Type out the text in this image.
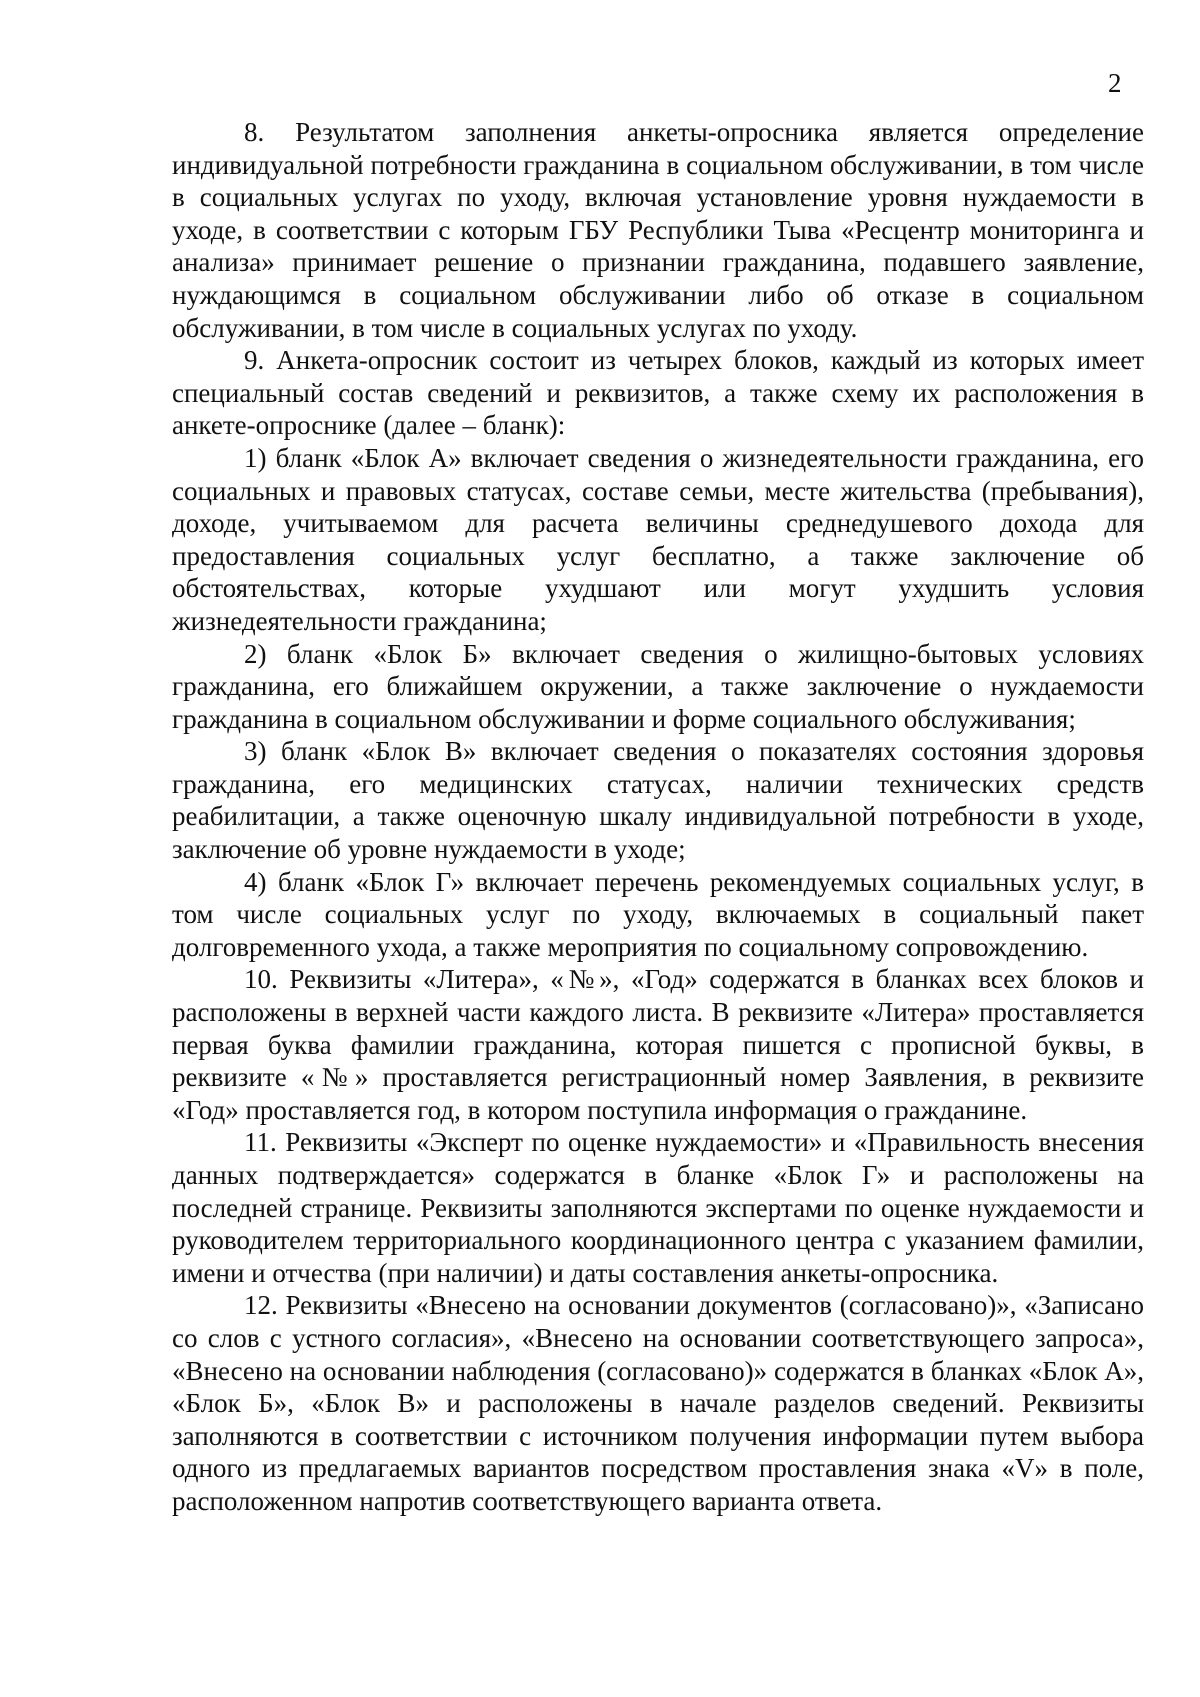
2

8. Результатом заполнения анкеты-опросника является определение индивидуальной потребности гражданина в социальном обслуживании, в том числе в социальных услугах по уходу, включая установление уровня нуждаемости в уходе, в соответствии с которым ГБУ Республики Тыва «Реcцентр мониторинга и анализа» принимает решение о признании гражданина, подавшего заявление, нуждающимся в социальном обслуживании либо об отказе в социальном обслуживании, в том числе в социальных услугах по уходу.

9. Анкета-опросник состоит из четырех блоков, каждый из которых имеет специальный состав сведений и реквизитов, а также схему их расположения в анкете-опроснике (далее – бланк):

1) бланк «Блок А» включает сведения о жизнедеятельности гражданина, его социальных и правовых статусах, составе семьи, месте жительства (пребывания), доходе, учитываемом для расчета величины среднедушевого дохода для предоставления социальных услуг бесплатно, а также заключение об обстоятельствах, которые ухудшают или могут ухудшить условия жизнедеятельности гражданина;

2) бланк «Блок Б» включает сведения о жилищно-бытовых условиях гражданина, его ближайшем окружении, а также заключение о нуждаемости гражданина в социальном обслуживании и форме социального обслуживания;

3) бланк «Блок В» включает сведения о показателях состояния здоровья гражданина, его медицинских статусах, наличии технических средств реабилитации, а также оценочную шкалу индивидуальной потребности в уходе, заключение об уровне нуждаемости в уходе;

4) бланк «Блок Г» включает перечень рекомендуемых социальных услуг, в том числе социальных услуг по уходу, включаемых в социальный пакет долговременного ухода, а также мероприятия по социальному сопровождению.

10. Реквизиты «Литера», «№», «Год» содержатся в бланках всех блоков и расположены в верхней части каждого листа. В реквизите «Литера» проставляется первая буква фамилии гражданина, которая пишется с прописной буквы, в реквизите «№» проставляется регистрационный номер Заявления, в реквизите «Год» проставляется год, в котором поступила информация о гражданине.

11. Реквизиты «Эксперт по оценке нуждаемости» и «Правильность внесения данных подтверждается» содержатся в бланке «Блок Г» и расположены на последней странице. Реквизиты заполняются экспертами по оценке нуждаемости и руководителем территориального координационного центра с указанием фамилии, имени и отчества (при наличии) и даты составления анкеты-опросника.

12. Реквизиты «Внесено на основании документов (согласовано)», «Записано со слов с устного согласия», «Внесено на основании соответствующего запроса», «Внесено на основании наблюдения (согласовано)» содержатся в бланках «Блок А», «Блок Б», «Блок В» и расположены в начале разделов сведений. Реквизиты заполняются в соответствии с источником получения информации путем выбора одного из предлагаемых вариантов посредством проставления знака «V» в поле, расположенном напротив соответствующего варианта ответа.
